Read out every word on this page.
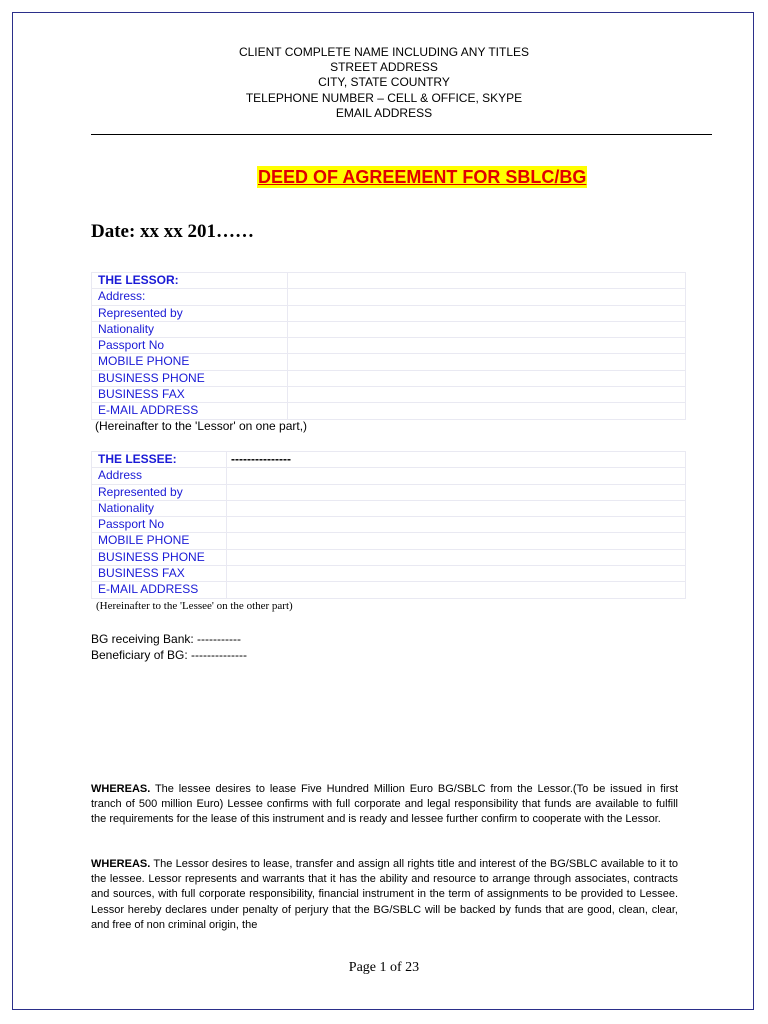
CLIENT COMPLETE NAME INCLUDING ANY TITLES
STREET ADDRESS
CITY, STATE COUNTRY
TELEPHONE NUMBER – CELL & OFFICE, SKYPE
EMAIL ADDRESS
DEED OF AGREEMENT FOR SBLC/BG
Date: xx xx 201……
THE LESSOR:	
Address:	
Represented by	
Nationality	
Passport No	
MOBILE PHONE	
BUSINESS PHONE	
BUSINESS FAX	
E-MAIL ADDRESS	
(Hereinafter to the 'Lessor' on one part,)
THE LESSEE:	---------------
Address	
Represented by	
Nationality	
Passport No	
MOBILE PHONE	
BUSINESS PHONE	
BUSINESS FAX	
E-MAIL ADDRESS	
(Hereinafter to the 'Lessee' on the other part)
BG receiving Bank: -----------
Beneficiary of BG: --------------
WHEREAS. The lessee desires to lease Five Hundred Million Euro BG/SBLC from the Lessor.(To be issued in first tranch of 500 million Euro) Lessee confirms with full corporate and legal responsibility that funds are available to fulfill the requirements for the lease of this instrument and is ready and lessee further confirm to cooperate with the Lessor.
WHEREAS. The Lessor desires to lease, transfer and assign all rights title and interest of the BG/SBLC available to it to the lessee. Lessor represents and warrants that it has the ability and resource to arrange through associates, contracts and sources, with full corporate responsibility, financial instrument in the term of assignments to be provided to Lessee. Lessor hereby declares under penalty of perjury that the BG/SBLC will be backed by funds that are good, clean, clear, and free of non criminal origin, the
Page 1 of 23
